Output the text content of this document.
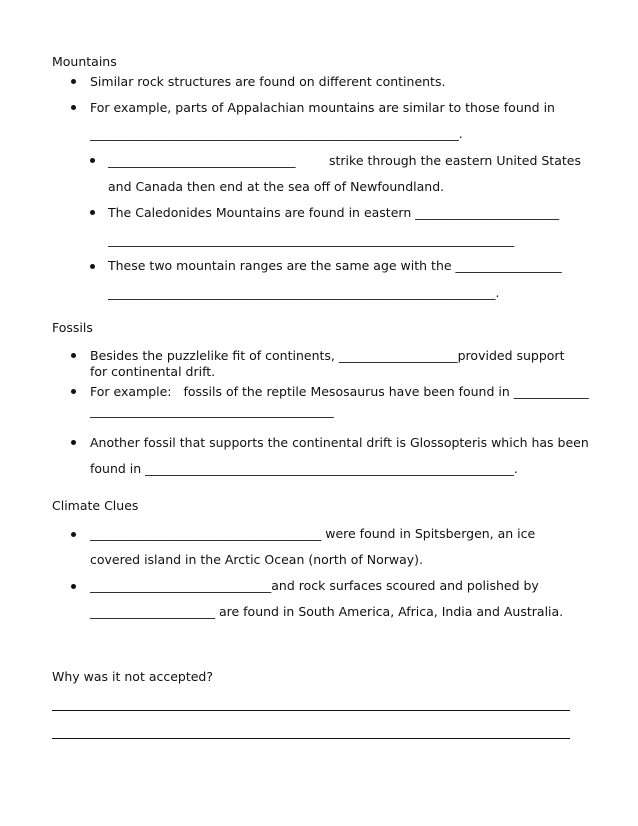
Mountains
Similar rock structures are found on different continents.
For example, parts of Appalachian mountains are similar to those found in
___________________________________________________________.
______________________________	strike through the eastern United States
and Canada then end at the sea off of Newfoundland.
The Caledonides Mountains are found in eastern _______________________
_________________________________________________________________
These two mountain ranges are the same age with the _________________
______________________________________________________________.
Fossils
Besides the puzzlelike fit of continents, ___________________provided support
for continental drift.
For example:   fossils of the reptile Mesosaurus have been found in ____________
_______________________________________
Another fossil that supports the continental drift is Glossopteris which has been
found in ___________________________________________________________.
Climate Clues
_____________________________________ were found in Spitsbergen, an ice
covered island in the Arctic Ocean (north of Norway).
_____________________________and rock surfaces scoured and polished by
____________________ are found in South America, Africa, India and Australia.
Why was it not accepted?
